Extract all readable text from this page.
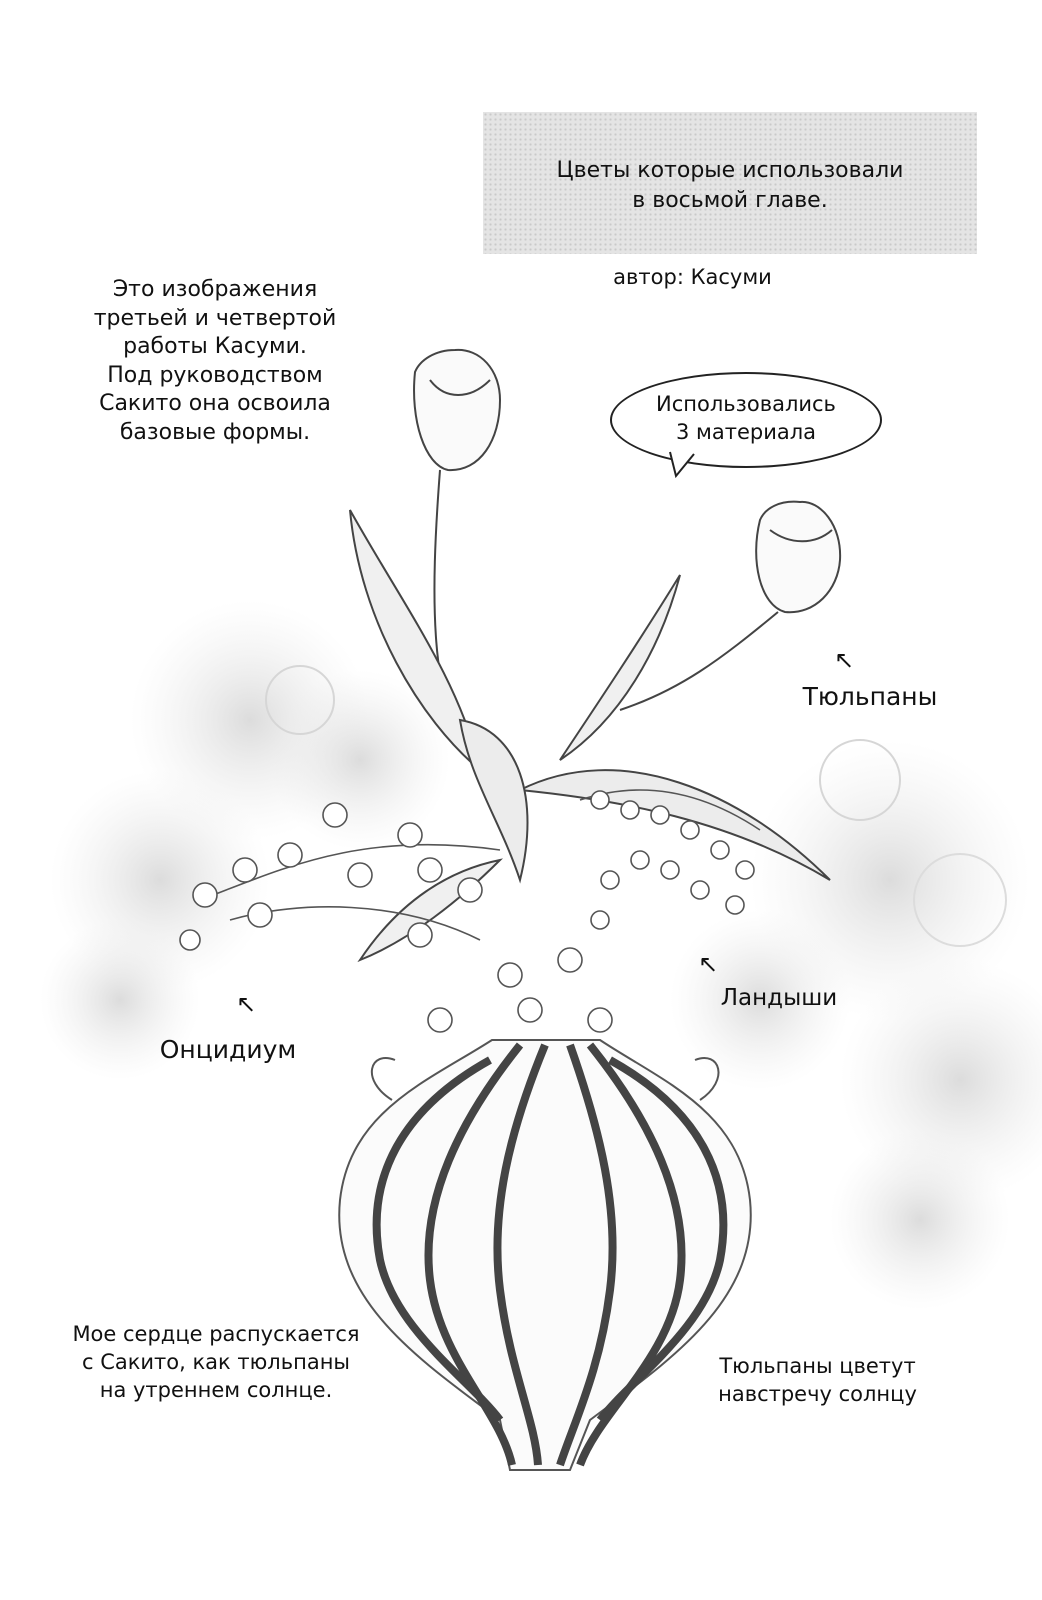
Цветы которые использовали
в восьмой главе.
автор: Касуми
Это изображения
третьей и четвертой
работы Касуми.
Под руководством
Сакито она освоила
базовые формы.
Использовались
3 материала
↖
Тюльпаны
↖
Ландыши
↖
Онцидиум
Мое сердце распускается
с Сакито, как тюльпаны
на утреннем солнце.
Тюльпаны цветут
навстречу солнцу
